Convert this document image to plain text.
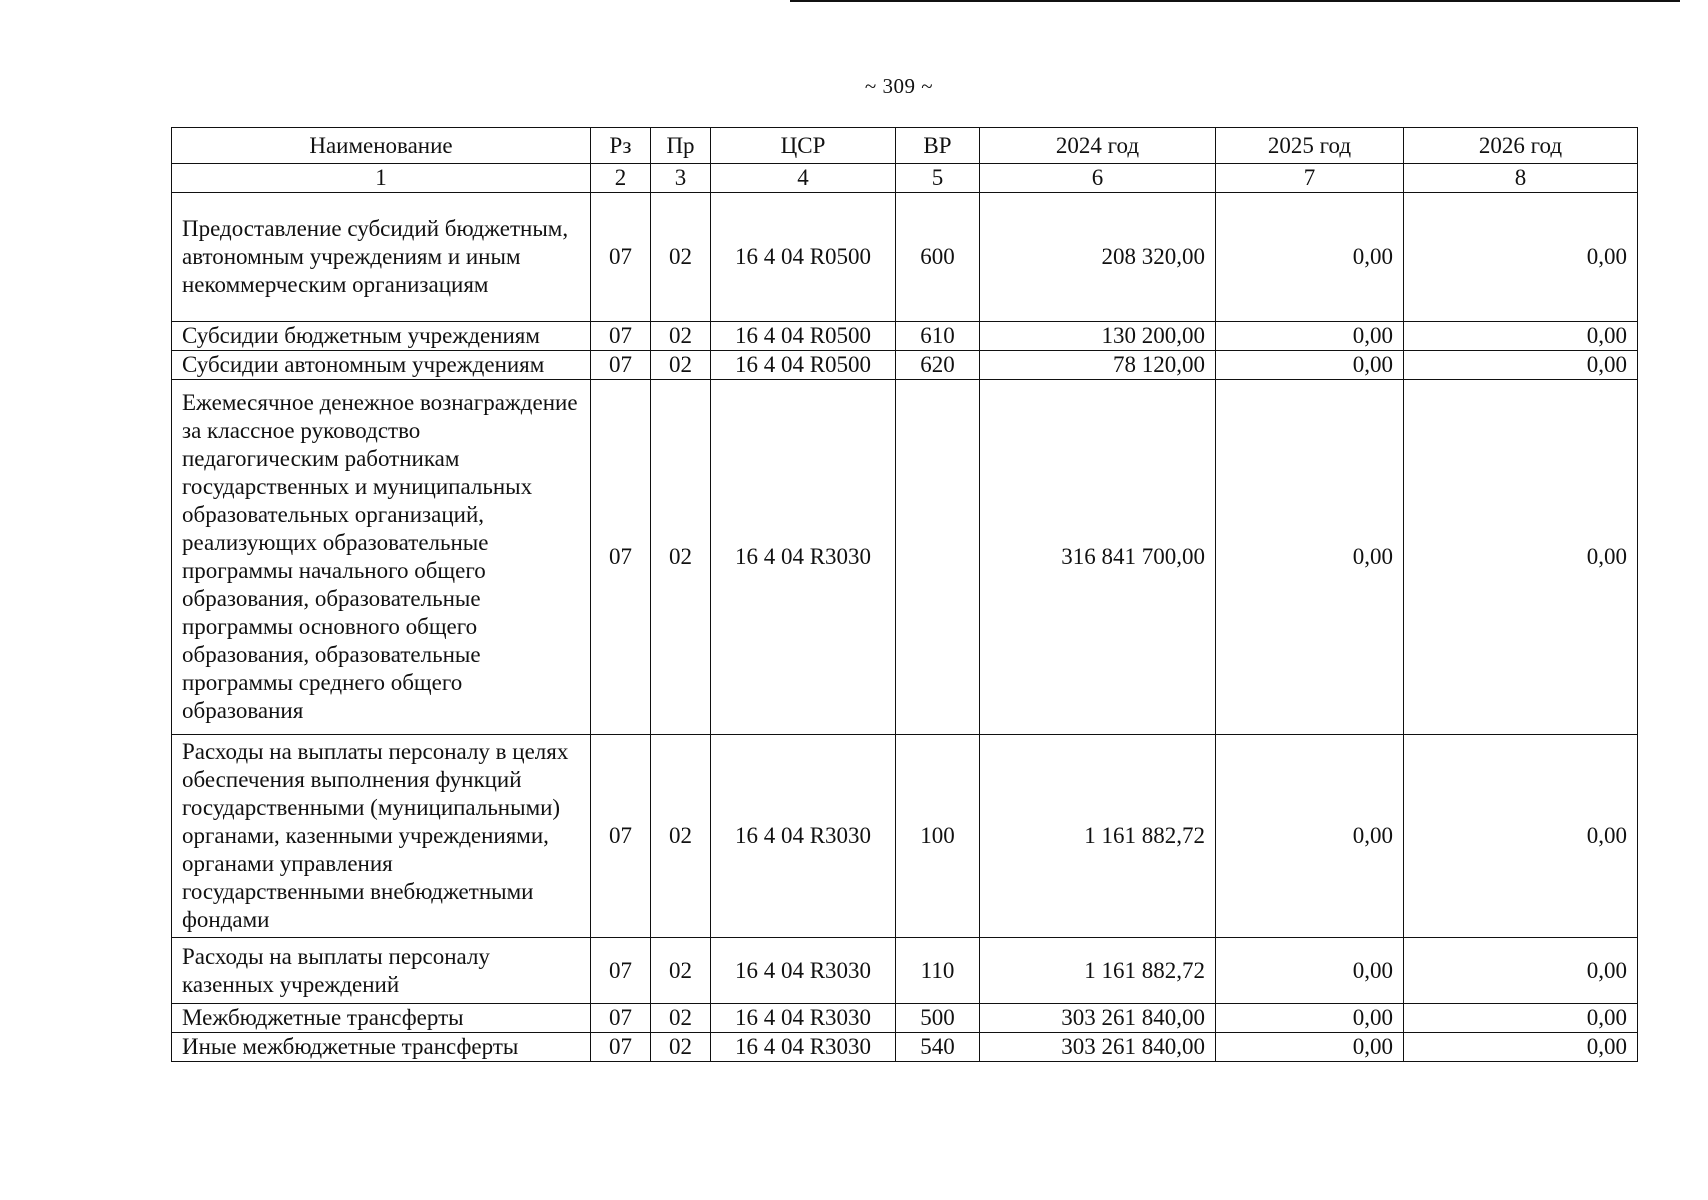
~ 309 ~
Наименование	Рз	Пр	ЦСР	ВР	2024 год	2025 год	2026 год
1	2	3	4	5	6	7	8
Предоставление субсидий бюджетным, автономным учреждениям и иным некоммерческим организациям	07	02	16 4 04 R0500	600	208 320,00	0,00	0,00
Субсидии бюджетным учреждениям	07	02	16 4 04 R0500	610	130 200,00	0,00	0,00
Субсидии автономным учреждениям	07	02	16 4 04 R0500	620	78 120,00	0,00	0,00
Ежемесячное денежное вознаграждение за классное руководство педагогическим работникам государственных и муниципальных образовательных организаций, реализующих образовательные программы начального общего образования, образовательные программы основного общего образования, образовательные программы среднего общего образования	07	02	16 4 04 R3030		316 841 700,00	0,00	0,00
Расходы на выплаты персоналу в целях обеспечения выполнения функций государственными (муниципальными) органами, казенными учреждениями, органами управления государственными внебюджетными фондами	07	02	16 4 04 R3030	100	1 161 882,72	0,00	0,00
Расходы на выплаты персоналу казенных учреждений	07	02	16 4 04 R3030	110	1 161 882,72	0,00	0,00
Межбюджетные трансферты	07	02	16 4 04 R3030	500	303 261 840,00	0,00	0,00
Иные межбюджетные трансферты	07	02	16 4 04 R3030	540	303 261 840,00	0,00	0,00
